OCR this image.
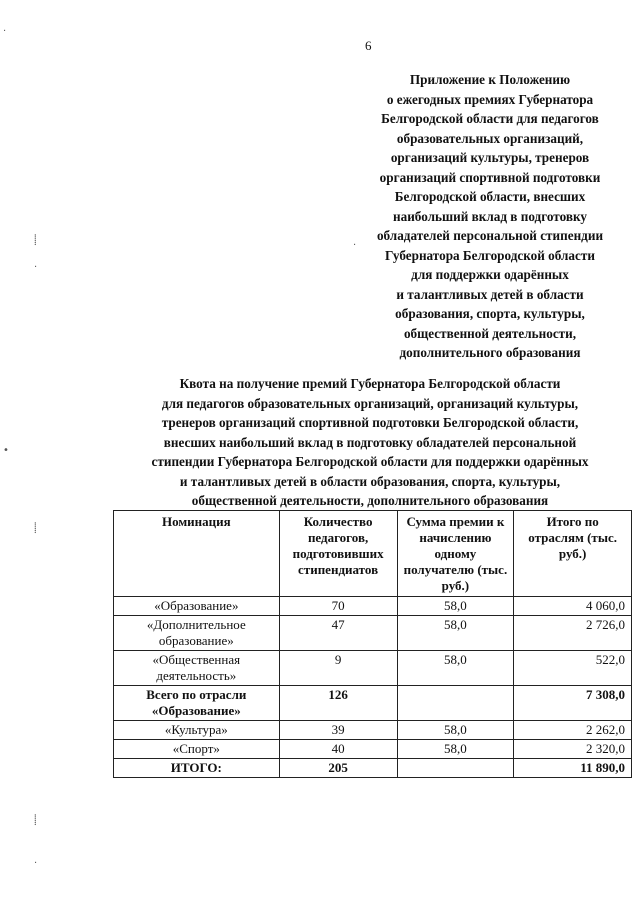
6
Приложение к Положению
о ежегодных премиях Губернатора
Белгородской области для педагогов
образовательных организаций,
организаций культуры, тренеров
организаций спортивной подготовки
Белгородской области, внесших
наибольший вклад в подготовку
обладателей персональной стипендии
Губернатора Белгородской области
для поддержки одарённых
и талантливых детей в области
образования, спорта, культуры,
общественной деятельности,
дополнительного образования
Квота на получение премий Губернатора Белгородской области
для педагогов образовательных организаций, организаций культуры,
тренеров организаций спортивной подготовки Белгородской области,
внесших наибольший вклад в подготовку обладателей персональной
стипендии Губернатора Белгородской области для поддержки одарённых
и талантливых детей в области образования, спорта, культуры,
общественной деятельности, дополнительного образования
Номинация	Количество педагогов, подготовивших стипендиатов	Сумма премии к начислению одному получателю (тыс. руб.)	Итого по отраслям (тыс. руб.)
«Образование»	70	58,0	4 060,0
«Дополнительное образование»	47	58,0	2 726,0
«Общественная деятельность»	9	58,0	522,0
Всего по отрасли «Образование»	126		7 308,0
«Культура»	39	58,0	2 262,0
«Спорт»	40	58,0	2 320,0
ИТОГО:	205		11 890,0
·
⸽
·
•
⸽
⸽
·
·
